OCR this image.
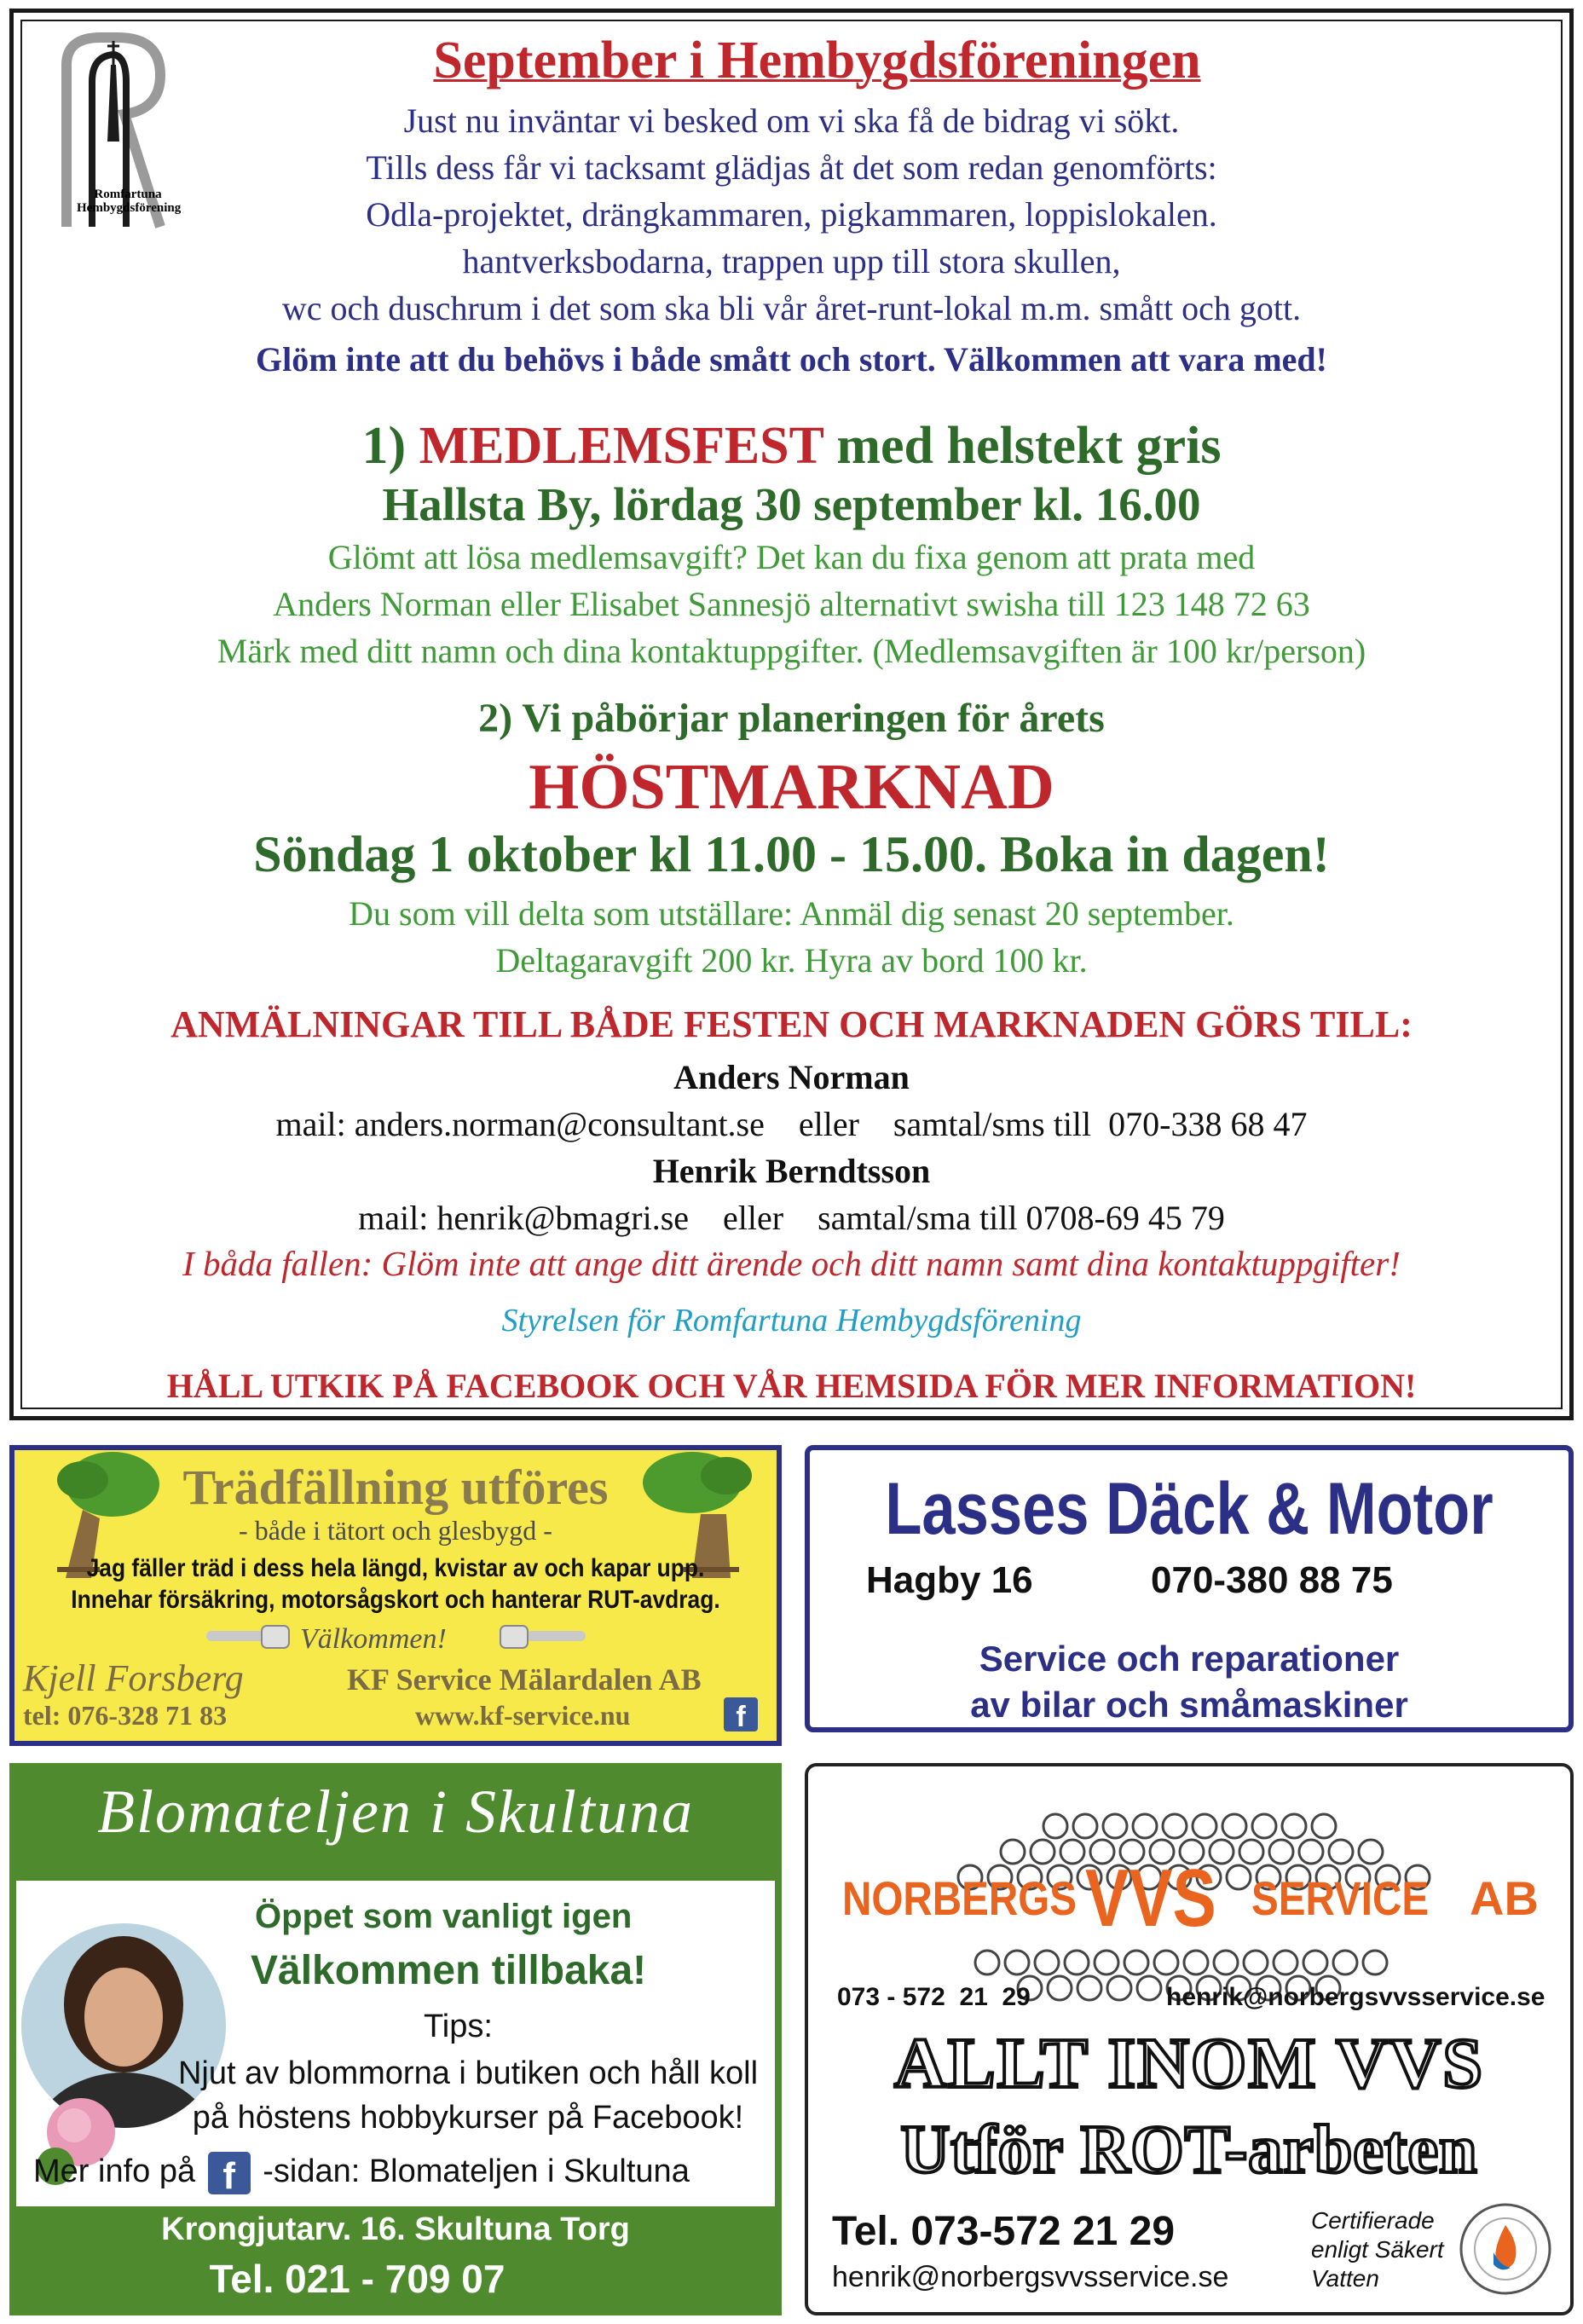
Romfartuna
Hembygdsförening
September i Hembygdsföreningen
Just nu inväntar vi besked om vi ska få de bidrag vi sökt.
Tills dess får vi tacksamt glädjas åt det som redan genomförts:
Odla-projektet, drängkammaren, pigkammaren, loppislokalen.
hantverksbodarna, trappen upp till stora skullen,
wc och duschrum i det som ska bli vår året-runt-lokal m.m. smått och gott.
Glöm inte att du behövs i både smått och stort. Välkommen att vara med!
1) MEDLEMSFEST med helstekt gris
Hallsta By, lördag 30 september kl. 16.00
Glömt att lösa medlemsavgift? Det kan du fixa genom att prata med
Anders Norman eller Elisabet Sannesjö alternativt swisha till 123 148 72 63
Märk med ditt namn och dina kontaktuppgifter. (Medlemsavgiften är 100 kr/person)
2) Vi påbörjar planeringen för årets
HÖSTMARKNAD
Söndag 1 oktober kl 11.00 - 15.00. Boka in dagen!
Du som vill delta som utställare: Anmäl dig senast 20 september.
Deltagaravgift 200 kr. Hyra av bord 100 kr.
ANMÄLNINGAR TILL BÅDE FESTEN OCH MARKNADEN GÖRS TILL:
Anders Norman
mail: anders.norman@consultant.se    eller    samtal/sms till  070-338 68 47
Henrik Berndtsson
mail: henrik@bmagri.se    eller    samtal/sma till 0708-69 45 79
I båda fallen: Glöm inte att ange ditt ärende och ditt namn samt dina kontaktuppgifter!
Styrelsen för Romfartuna Hembygdsförening
HÅLL UTKIK PÅ FACEBOOK OCH VÅR HEMSIDA FÖR MER INFORMATION!
Trädfällning utföres
- både i tätort och glesbygd -
Jag fäller träd i dess hela längd, kvistar av och kapar upp.
Innehar försäkring, motorsågskort och hanterar RUT-avdrag.
Välkommen!
Kjell Forsberg	KF Service Mälardalen AB
tel: 076-328 71 83	www.kf-service.nu	f
Lasses Däck & Motor
Hagby 16	070-380 88 75
Service och reparationer
av bilar och småmaskiner
Blomateljen i Skultuna
Öppet som vanligt igen
Välkommen tillbaka!
Tips:
Njut av blommorna i butiken och håll koll
på höstens hobbykurser på Facebook!
Mer info på f -sidan: Blomateljen i Skultuna
Krongjutarv. 16. Skultuna Torg
Tel. 021 - 709 07
NORBERGS VVS SERVICE AB
073 - 572  21  29	henrik@norbergsvvsservice.se
ALLT INOM VVS
Utför ROT-arbeten
Tel. 073-572 21 29
henrik@norbergsvvsservice.se
Certifierade
enligt Säkert
Vatten
